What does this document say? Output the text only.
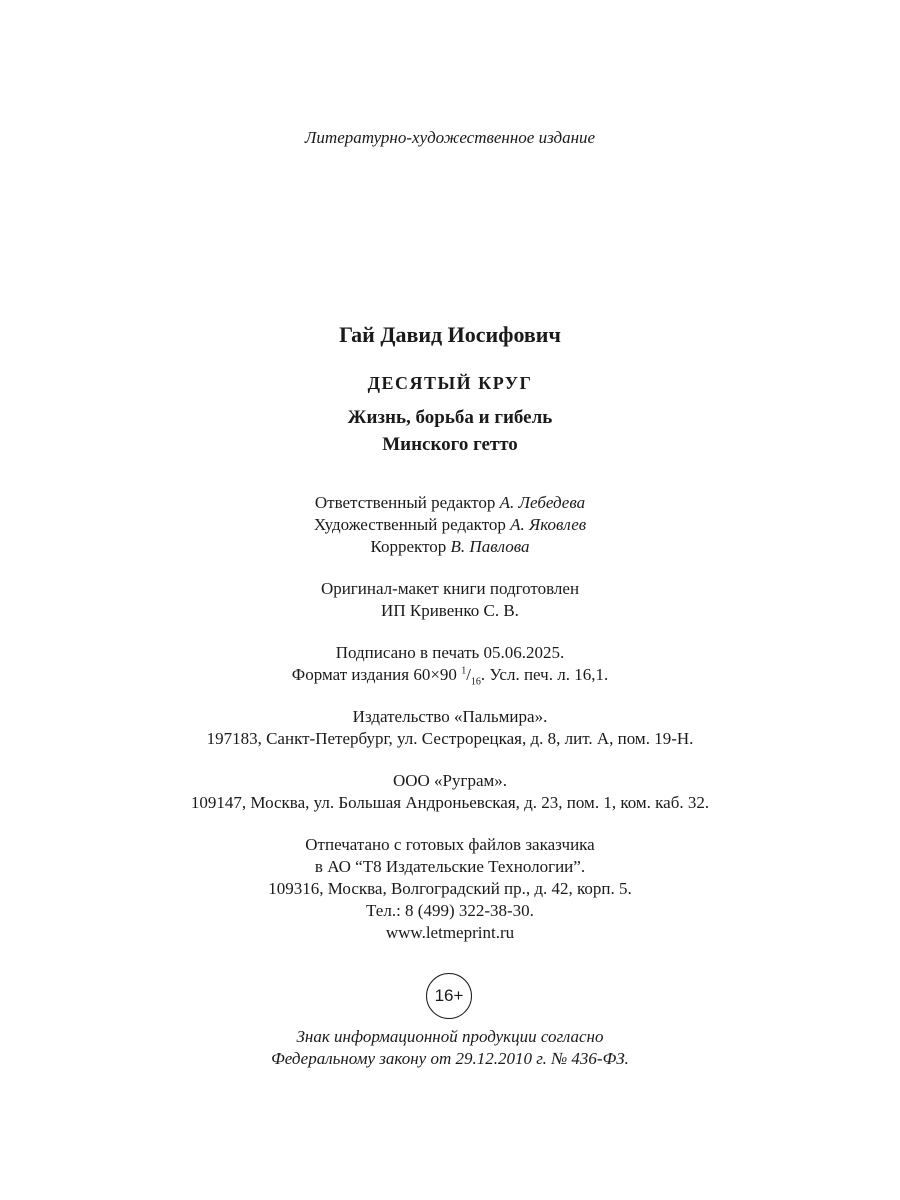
Литературно-художественное издание
Гай Давид Иосифович
ДЕСЯТЫЙ КРУГ
Жизнь, борьба и гибель
Минского гетто
Ответственный редактор А. Лебедева
Художественный редактор А. Яковлев
Корректор В. Павлова
Оригинал-макет книги подготовлен
ИП Кривенко С. В.
Подписано в печать 05.06.2025.
Формат издания 60×90 $^1/_{16}$. Усл. печ. л. 16,1.
Издательство «Пальмира».
197183, Санкт-Петербург, ул. Сестрорецкая, д. 8, лит. А, пом. 19-Н.
ООО «Руграм».
109147, Москва, ул. Большая Андроньевская, д. 23, пом. 1, ком. каб. 32.
Отпечатано с готовых файлов заказчика
в АО “Т8 Издательские Технологии”.
109316, Москва, Волгоградский пр., д. 42, корп. 5.
Тел.: 8 (499) 322-38-30.
www.letmeprint.ru
16+
Знак информационной продукции согласно
Федеральному закону от 29.12.2010 г. № 436-ФЗ.
